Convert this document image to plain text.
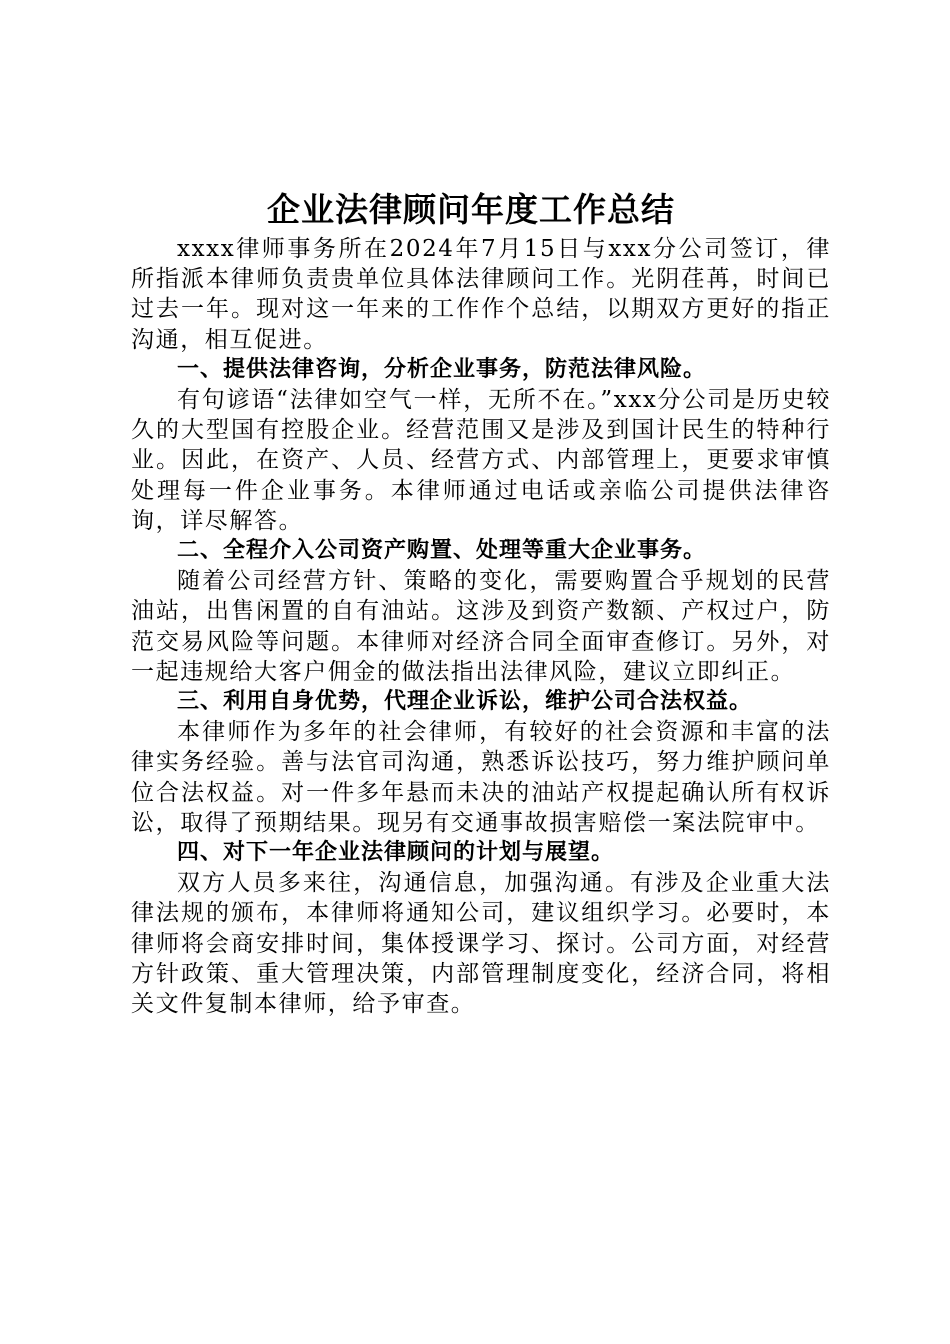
企业法律顾问年度工作总结

xxxx律师事务所在2024年7月15日与xxx分公司签订，律所指派本律师负责贵单位具体法律顾问工作。光阴荏苒，时间已过去一年。现对这一年来的工作作个总结，以期双方更好的指正沟通，相互促进。

一、提供法律咨询，分析企业事务，防范法律风险。

有句谚语“法律如空气一样，无所不在。”xxx分公司是历史较久的大型国有控股企业。经营范围又是涉及到国计民生的特种行业。因此，在资产、人员、经营方式、内部管理上，更要求审慎处理每一件企业事务。本律师通过电话或亲临公司提供法律咨询，详尽解答。

二、全程介入公司资产购置、处理等重大企业事务。

随着公司经营方针、策略的变化，需要购置合乎规划的民营油站，出售闲置的自有油站。这涉及到资产数额、产权过户，防范交易风险等问题。本律师对经济合同全面审查修订。另外，对一起违规给大客户佣金的做法指出法律风险，建议立即纠正。

三、利用自身优势，代理企业诉讼，维护公司合法权益。

本律师作为多年的社会律师，有较好的社会资源和丰富的法律实务经验。善与法官司沟通，熟悉诉讼技巧，努力维护顾问单位合法权益。对一件多年悬而未决的油站产权提起确认所有权诉讼，取得了预期结果。现另有交通事故损害赔偿一案法院审中。

四、对下一年企业法律顾问的计划与展望。

双方人员多来往，沟通信息，加强沟通。有涉及企业重大法律法规的颁布，本律师将通知公司，建议组织学习。必要时，本律师将会商安排时间，集体授课学习、探讨。公司方面，对经营方针政策、重大管理决策，内部管理制度变化，经济合同，将相关文件复制本律师，给予审查。
